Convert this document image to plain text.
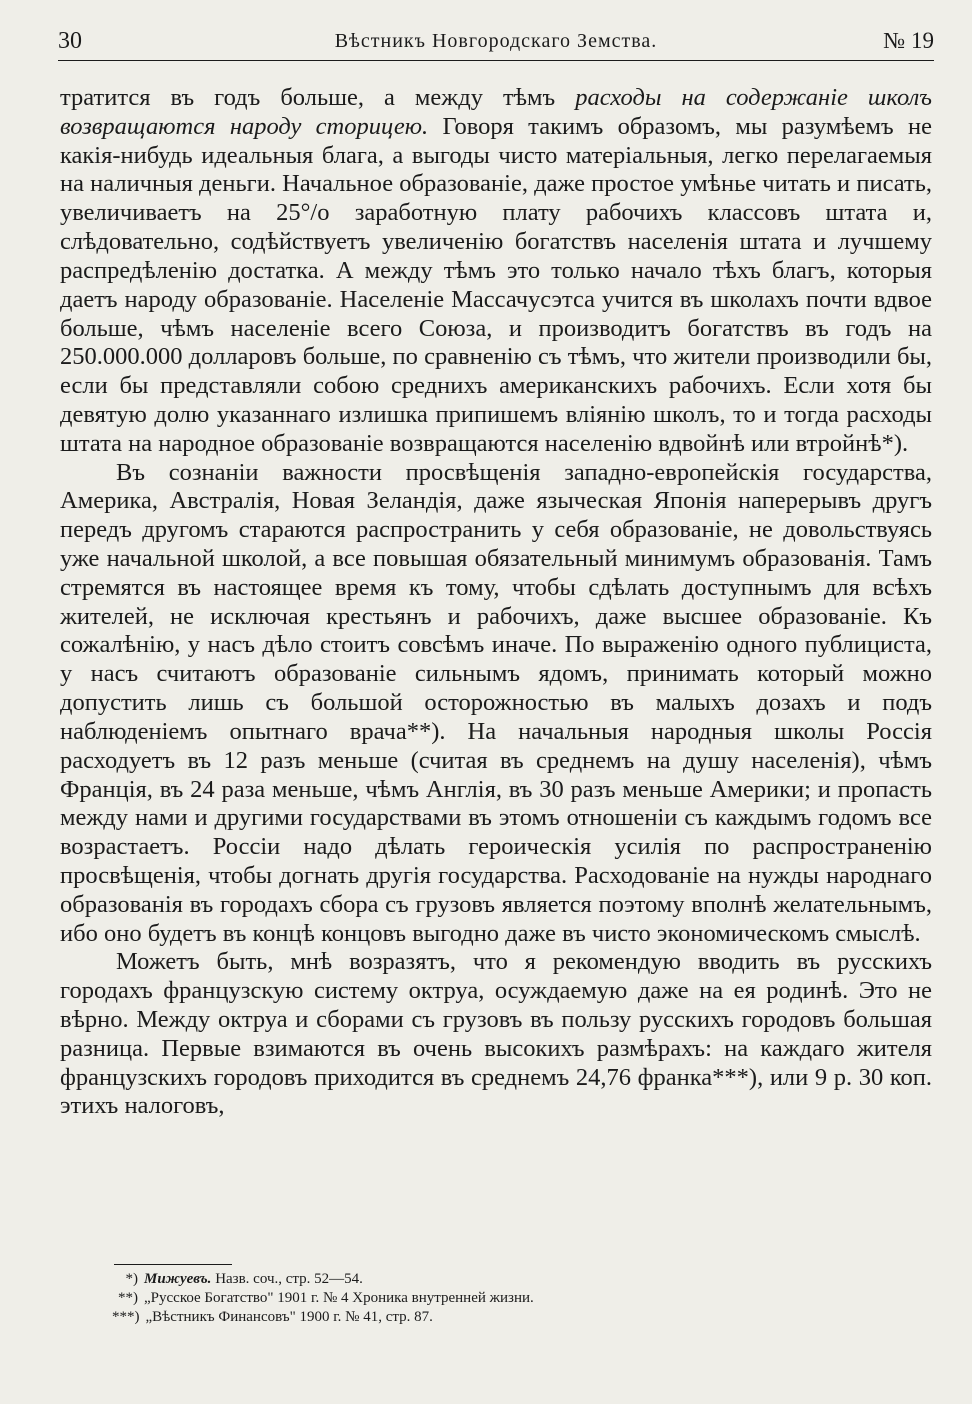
30	Вѣстникъ Новгородскаго Земства.	№ 19

тратится въ годъ больше, а между тѣмъ расходы на содержаніе школъ возвращаются народу сторицею. Говоря такимъ образомъ, мы разумѣемъ не какія-нибудь идеальныя блага, а выгоды чисто матеріальныя, легко перелагаемыя на наличныя деньги. Начальное образованіе, даже простое умѣнье читать и писать, увеличиваетъ на 25°/о заработную плату рабочихъ классовъ штата и, слѣдовательно, содѣйствуетъ увеличенію богатствъ населенія штата и лучшему распредѣленію достатка. А между тѣмъ это только начало тѣхъ благъ, которыя даетъ народу образованіе. Населеніе Массачусэтса учится въ школахъ почти вдвое больше, чѣмъ населеніе всего Союза, и производитъ богатствъ въ годъ на 250.000.000 долларовъ больше, по сравненію съ тѣмъ, что жители производили бы, если бы представляли собою среднихъ американскихъ рабочихъ. Если хотя бы девятую долю указаннаго излишка припишемъ вліянію школъ, то и тогда расходы штата на народное образованіе возвращаются населенію вдвойнѣ или втройнѣ*).

Въ сознаніи важности просвѣщенія западно-европейскія государства, Америка, Австралія, Новая Зеландія, даже языческая Японія наперерывъ другъ передъ другомъ стараются распространить у себя образованіе, не довольствуясь уже начальной школой, а все повышая обязательный минимумъ образованія. Тамъ стремятся въ настоящее время къ тому, чтобы сдѣлать доступнымъ для всѣхъ жителей, не исключая крестьянъ и рабочихъ, даже высшее образованіе. Къ сожалѣнію, у насъ дѣло стоитъ совсѣмъ иначе. По выраженію одного публициста, у насъ считаютъ образованіе сильнымъ ядомъ, принимать который можно допустить лишь съ большой осторожностью въ малыхъ дозахъ и подъ наблюденіемъ опытнаго врача**). На начальныя народныя школы Россія расходуетъ въ 12 разъ меньше (считая въ среднемъ на душу населенія), чѣмъ Франція, въ 24 раза меньше, чѣмъ Англія, въ 30 разъ меньше Америки; и пропасть между нами и другими государствами въ этомъ отношеніи съ каждымъ годомъ все возрастаетъ. Россіи надо дѣлать героическія усилія по распространенію просвѣщенія, чтобы догнать другія государства. Расходованіе на нужды народнаго образованія въ городахъ сбора съ грузовъ является поэтому вполнѣ желательнымъ, ибо оно будетъ въ концѣ концовъ выгодно даже въ чисто экономическомъ смыслѣ.

Можетъ быть, мнѣ возразятъ, что я рекомендую вводить въ русскихъ городахъ французскую систему октруа, осуждаемую даже на ея родинѣ. Это не вѣрно. Между октруа и сборами съ грузовъ въ пользу русскихъ городовъ большая разница. Первые взимаются въ очень высокихъ размѣрахъ: на каждаго жителя французскихъ городовъ приходится въ среднемъ 24,76 франка***), или 9 р. 30 коп. этихъ налоговъ,

*) Мижуевъ. Назв. соч., стр. 52—54.
**) „Русское Богатство" 1901 г. № 4 Хроника внутренней жизни.
***) „Вѣстникъ Финансовъ" 1900 г. № 41, стр. 87.
